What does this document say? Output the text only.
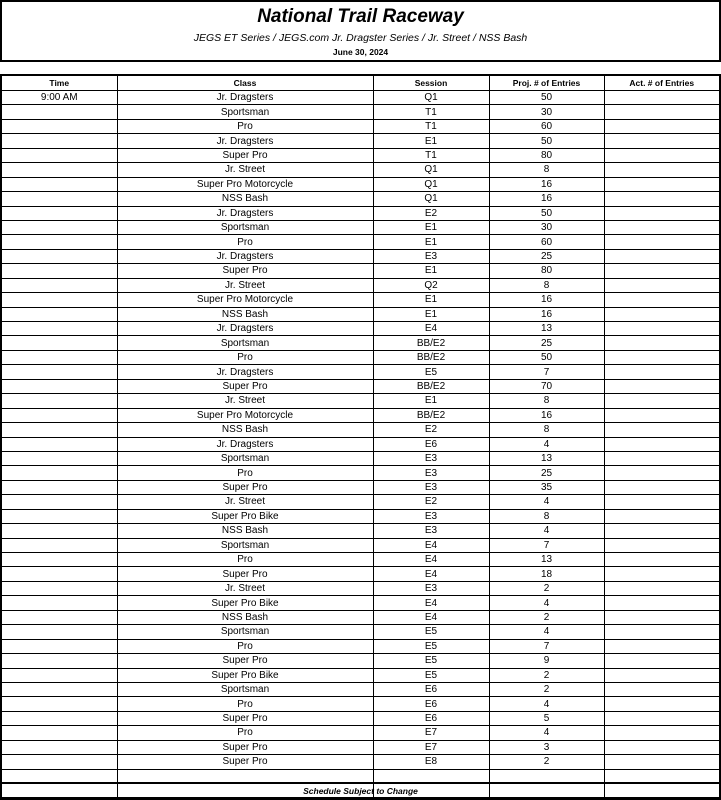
National Trail Raceway
JEGS ET Series / JEGS.com Jr. Dragster Series / Jr. Street / NSS Bash
June 30, 2024
Time	Class	Session	Proj. # of Entries	Act. # of Entries
9:00 AM	Jr. Dragsters	Q1	50	
	Sportsman	T1	30	
	Pro	T1	60	
	Jr. Dragsters	E1	50	
	Super Pro	T1	80	
	Jr. Street	Q1	8	
	Super Pro Motorcycle	Q1	16	
	NSS Bash	Q1	16	
	Jr. Dragsters	E2	50	
	Sportsman	E1	30	
	Pro	E1	60	
	Jr. Dragsters	E3	25	
	Super Pro	E1	80	
	Jr. Street	Q2	8	
	Super Pro Motorcycle	E1	16	
	NSS Bash	E1	16	
	Jr. Dragsters	E4	13	
	Sportsman	BB/E2	25	
	Pro	BB/E2	50	
	Jr. Dragsters	E5	7	
	Super Pro	BB/E2	70	
	Jr. Street	E1	8	
	Super Pro Motorcycle	BB/E2	16	
	NSS Bash	E2	8	
	Jr. Dragsters	E6	4	
	Sportsman	E3	13	
	Pro	E3	25	
	Super Pro	E3	35	
	Jr. Street	E2	4	
	Super Pro Bike	E3	8	
	NSS Bash	E3	4	
	Sportsman	E4	7	
	Pro	E4	13	
	Super Pro	E4	18	
	Jr. Street	E3	2	
	Super Pro Bike	E4	4	
	NSS Bash	E4	2	
	Sportsman	E5	4	
	Pro	E5	7	
	Super Pro	E5	9	
	Super Pro Bike	E5	2	
	Sportsman	E6	2	
	Pro	E6	4	
	Super Pro	E6	5	
	Pro	E7	4	
	Super Pro	E7	3	
	Super Pro	E8	2	

Schedule Subject to Change
